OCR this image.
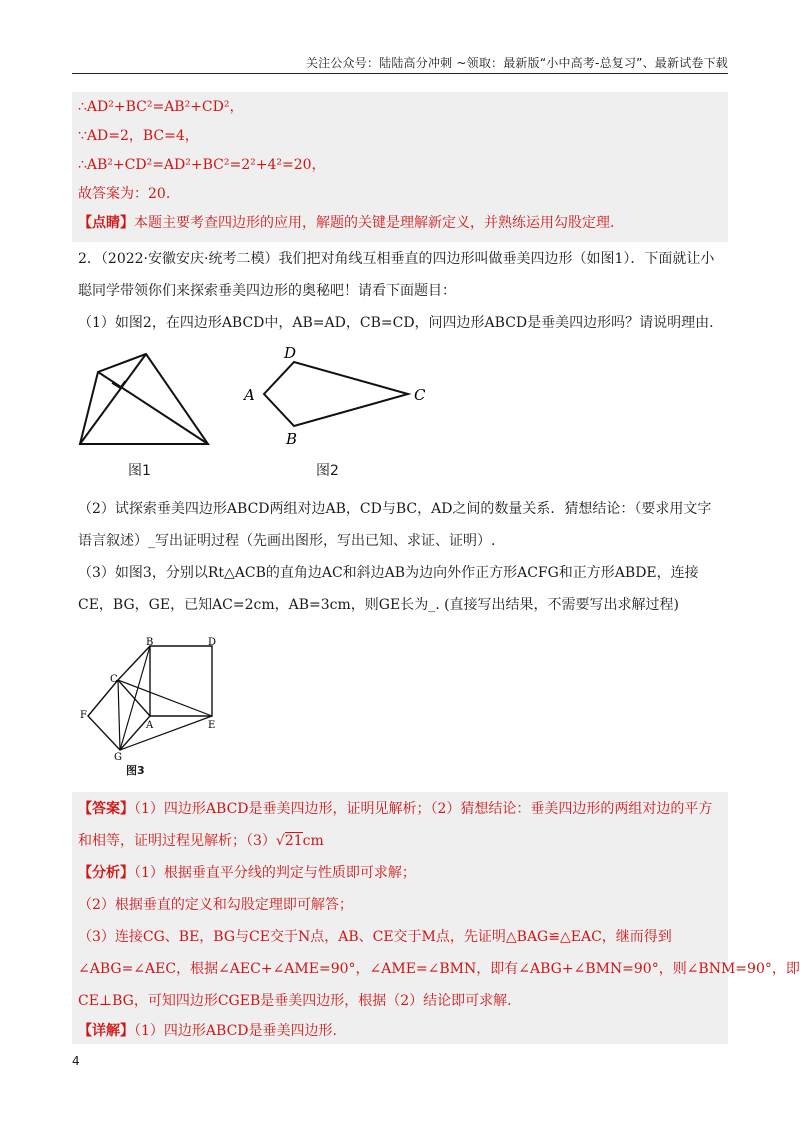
关注公众号：陆陆高分冲刺 ~领取：最新版“小中高考-总复习”、最新试卷下载
∴AD²+BC²=AB²+CD²，
∵AD=2，BC=4，
∴AB²+CD²=AD²+BC²=2²+4²=20，
故答案为：20.
【点睛】本题主要考查四边形的应用，解题的关键是理解新定义，并熟练运用勾股定理.
2．（2022·安徽安庆·统考二模）我们把对角线互相垂直的四边形叫做垂美四边形（如图1）．下面就让小
聪同学带领你们来探索垂美四边形的奥秘吧！请看下面题目：
（1）如图2，在四边形ABCD中，AB=AD，CB=CD，问四边形ABCD是垂美四边形吗？请说明理由.
图1
D
A	C
B
图2
（2）试探索垂美四边形ABCD两组对边AB，CD与BC，AD之间的数量关系．猜想结论：（要求用文字
语言叙述）_写出证明过程（先画出图形，写出已知、求证、证明）.
（3）如图3，分别以Rt△ACB的直角边AC和斜边AB为边向外作正方形ACFG和正方形ABDE，连接
CE，BG，GE，已知AC=2cm，AB=3cm，则GE长为_. (直接写出结果，不需要写出求解过程)
B	D
C
F
A	E
G
图3
【答案】（1）四边形ABCD是垂美四边形，证明见解析；（2）猜想结论：垂美四边形的两组对边的平方
和相等，证明过程见解析；（3）√21cm
【分析】（1）根据垂直平分线的判定与性质即可求解；
（2）根据垂直的定义和勾股定理即可解答；
（3）连接CG、BE，BG与CE交于N点，AB、CE交于M点，先证明△BAG≌△EAC，继而得到
∠ABG=∠AEC，根据∠AEC+∠AME=90°，∠AME=∠BMN，即有∠ABG+∠BMN=90°，则∠BNM=90°，即
CE⊥BG，可知四边形CGEB是垂美四边形，根据（2）结论即可求解.
【详解】（1）四边形ABCD是垂美四边形.
4
